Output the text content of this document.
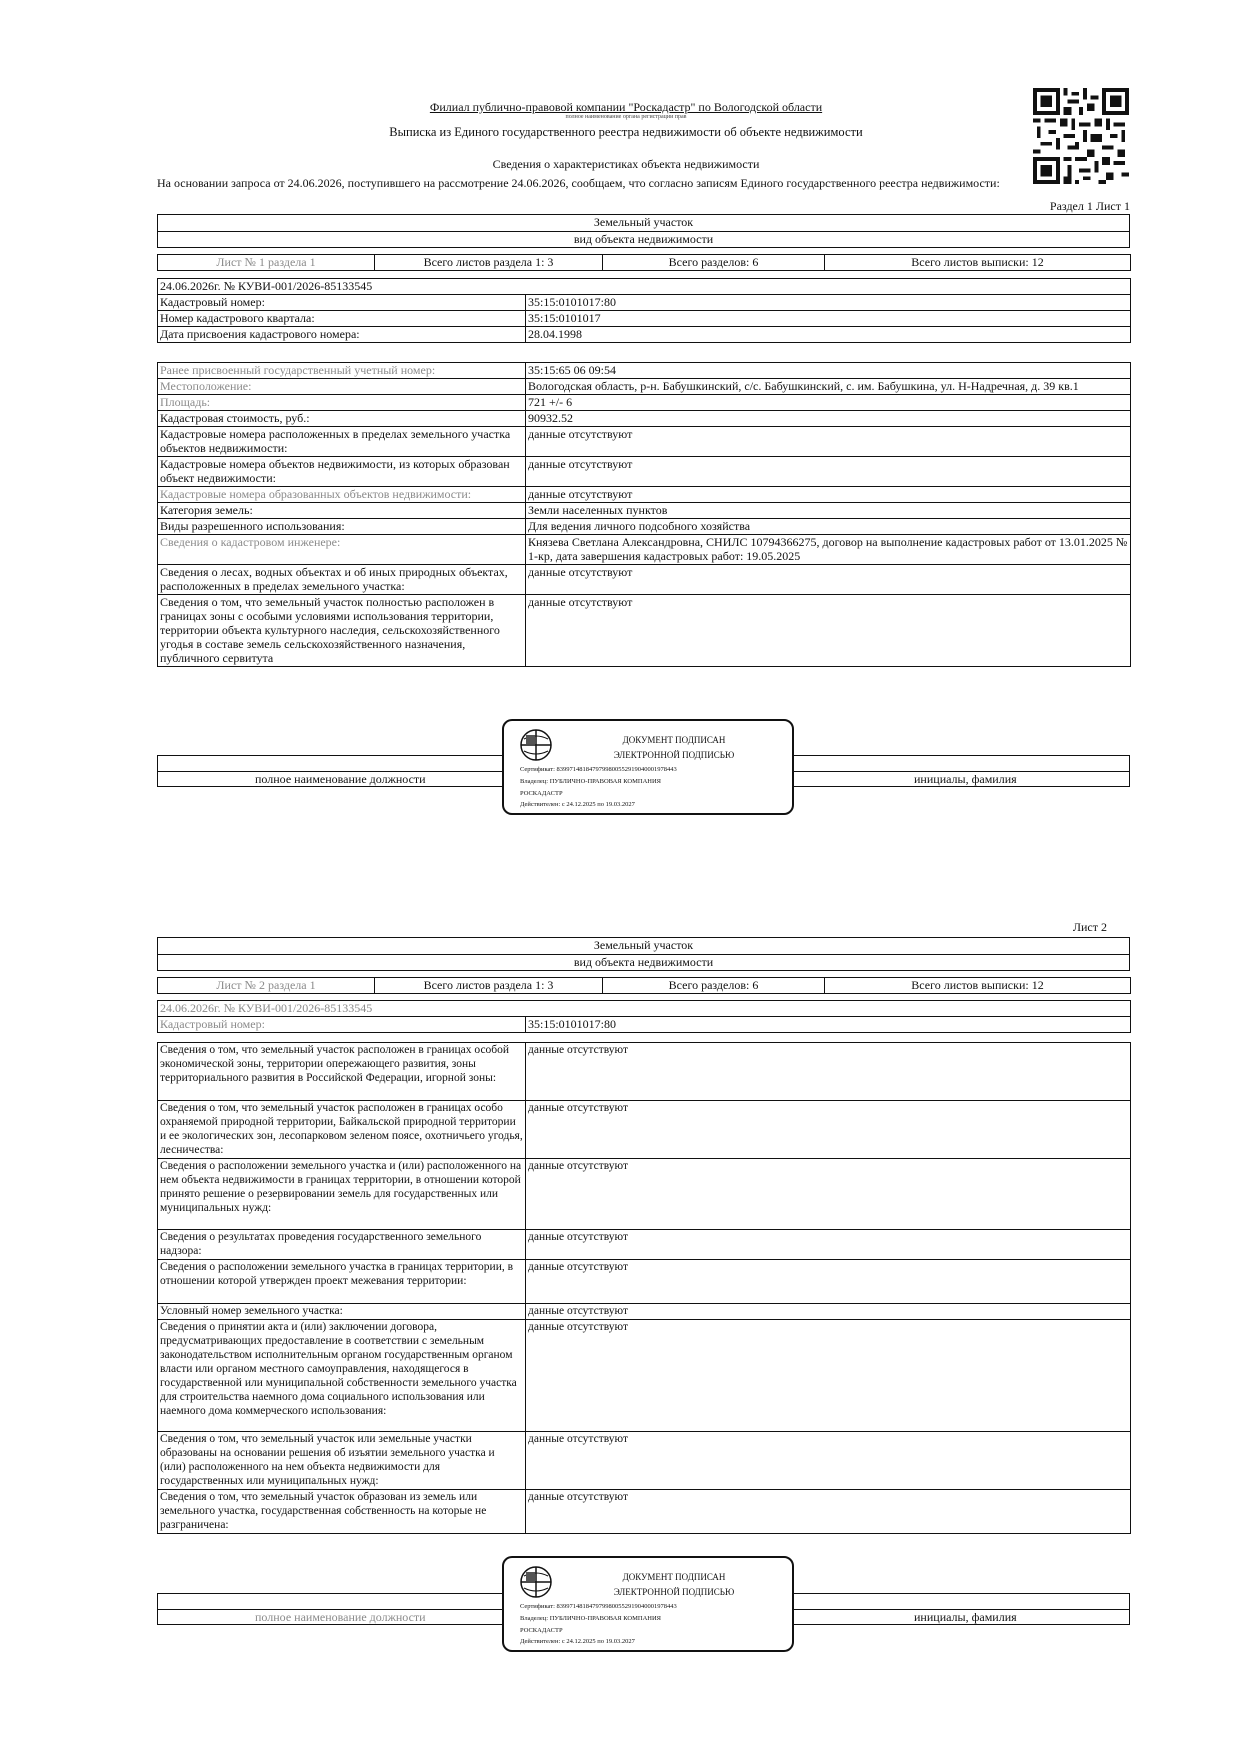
Филиал публично-правовой компании "Роскадастр" по Вологодской области
полное наименование органа регистрации прав
Выписка из Единого государственного реестра недвижимости об объекте недвижимости
Сведения о характеристиках объекта недвижимости
На основании запроса от 24.06.2026, поступившего на рассмотрение 24.06.2026, сообщаем, что согласно записям Единого государственного реестра недвижимости:
Раздел 1 Лист 1
Земельный участок
вид объекта недвижимости
Лист № 1 раздела 1	Всего листов раздела 1: 3	Всего разделов: 6	Всего листов выписки: 12
24.06.2026г. № КУВИ-001/2026-85133545	
Кадастровый номер:	35:15:0101017:80
Номер кадастрового квартала:	35:15:0101017
Дата присвоения кадастрового номера:	28.04.1998
Ранее присвоенный государственный учетный номер:	35:15:65 06 09:54
Местоположение:	Вологодская область, р-н. Бабушкинский, с/с. Бабушкинский, с. им. Бабушкина, ул. Н-Надречная, д. 39 кв.1
Площадь:	721 +/- 6
Кадастровая стоимость, руб.:	90932.52
Кадастровые номера расположенных в пределах земельного участка объектов недвижимости:	данные отсутствуют
Кадастровые номера объектов недвижимости, из которых образован объект недвижимости:	данные отсутствуют
Кадастровые номера образованных объектов недвижимости:	данные отсутствуют
Категория земель:	Земли населенных пунктов
Виды разрешенного использования:	Для ведения личного подсобного хозяйства
Сведения о кадастровом инженере:	Князева Светлана Александровна, СНИЛС 10794366275, договор на выполнение кадастровых работ от 13.01.2025 № 1-кр, дата завершения кадастровых работ: 19.05.2025
Сведения о лесах, водных объектах и об иных природных объектах, расположенных в пределах земельного участка:	данные отсутствуют
Сведения о том, что земельный участок полностью расположен в границах зоны с особыми условиями использования территории, территории объекта культурного наследия, сельскохозяйственного угодья в составе земель сельскохозяйственного назначения, публичного сервитута	данные отсутствуют
полное наименование должности	инициалы, фамилия
ДОКУМЕНТ ПОДПИСАН
ЭЛЕКТРОННОЙ ПОДПИСЬЮ
Сертификат: 8399714818479799800552919040001978443
Владелец: ПУБЛИЧНО-ПРАВОВАЯ КОМПАНИЯ
РОСКАДАСТР
Действителен: с 24.12.2025 по 19.03.2027
Лист 2
Земельный участок
вид объекта недвижимости
Лист № 2 раздела 1	Всего листов раздела 1: 3	Всего разделов: 6	Всего листов выписки: 12
24.06.2026г. № КУВИ-001/2026-85133545
Кадастровый номер:	35:15:0101017:80
Сведения о том, что земельный участок расположен в границах особой экономической зоны, территории опережающего развития, зоны территориального развития в Российской Федерации, игорной зоны:	данные отсутствуют
Сведения о том, что земельный участок расположен в границах особо охраняемой природной территории, Байкальской природной территории и ее экологических зон, лесопарковом зеленом поясе, охотничьего угодья, лесничества:	данные отсутствуют
Сведения о расположении земельного участка и (или) расположенного на нем объекта недвижимости в границах территории, в отношении которой принято решение о резервировании земель для государственных или муниципальных нужд:	данные отсутствуют
Сведения о результатах проведения государственного земельного надзора:	данные отсутствуют
Сведения о расположении земельного участка в границах территории, в отношении которой утвержден проект межевания территории:	данные отсутствуют
Условный номер земельного участка:	данные отсутствуют
Сведения о принятии акта и (или) заключении договора, предусматривающих предоставление в соответствии с земельным законодательством исполнительным органом государственным органом власти или органом местного самоуправления, находящегося в государственной или муниципальной собственности земельного участка для строительства наемного дома социального использования или наемного дома коммерческого использования:	данные отсутствуют
Сведения о том, что земельный участок или земельные участки образованы на основании решения об изъятии земельного участка и (или) расположенного на нем объекта недвижимости для государственных или муниципальных нужд:	данные отсутствуют
Сведения о том, что земельный участок образован из земель или земельного участка, государственная собственность на которые не разграничена:	данные отсутствуют
полное наименование должности	инициалы, фамилия
ДОКУМЕНТ ПОДПИСАН
ЭЛЕКТРОННОЙ ПОДПИСЬЮ
Сертификат: 8399714818479799800552919040001978443
Владелец: ПУБЛИЧНО-ПРАВОВАЯ КОМПАНИЯ
РОСКАДАСТР
Действителен: с 24.12.2025 по 19.03.2027
